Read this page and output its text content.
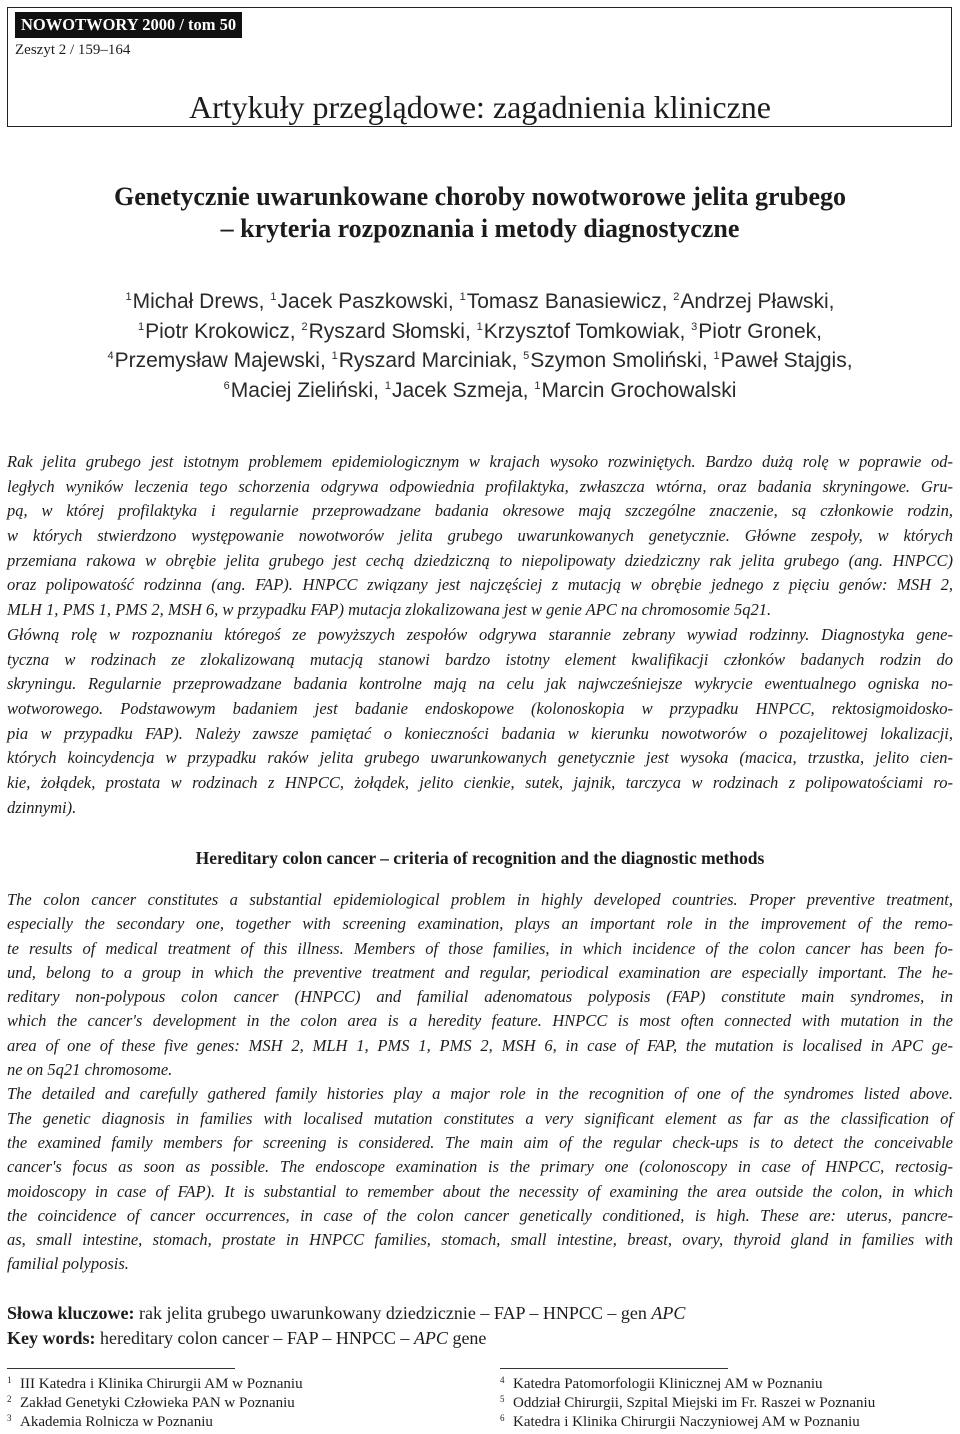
NOWOTWORY 2000 / tom 50
Zeszyt 2 / 159–164
Artykuły przeglądowe: zagadnienia kliniczne
Genetycznie uwarunkowane choroby nowotworowe jelita grubego
– kryteria rozpoznania i metody diagnostyczne
$^1$Michał Drews, $^1$Jacek Paszkowski, $^1$Tomasz Banasiewicz, $^2$Andrzej Pławski,
$^1$Piotr Krokowicz, $^2$Ryszard Słomski, $^1$Krzysztof Tomkowiak, $^3$Piotr Gronek,
$^4$Przemysław Majewski, $^1$Ryszard Marciniak, $^5$Szymon Smoliński, $^1$Paweł Stajgis,
$^6$Maciej Zieliński, $^1$Jacek Szmeja, $^1$Marcin Grochowalski
Rak jelita grubego jest istotnym problemem epidemiologicznym w krajach wysoko rozwiniętych. Bardzo dużą rolę w poprawie od-
ległych wyników leczenia tego schorzenia odgrywa odpowiednia profilaktyka, zwłaszcza wtórna, oraz badania skryningowe. Gru-
pą, w której profilaktyka i regularnie przeprowadzane badania okresowe mają szczególne znaczenie, są członkowie rodzin,
w których stwierdzono występowanie nowotworów jelita grubego uwarunkowanych genetycznie. Główne zespoły, w których
przemiana rakowa w obrębie jelita grubego jest cechą dziedziczną to niepolipowaty dziedziczny rak jelita grubego (ang. HNPCC)
oraz polipowatość rodzinna (ang. FAP). HNPCC związany jest najczęściej z mutacją w obrębie jednego z pięciu genów: MSH 2,
MLH 1, PMS 1, PMS 2, MSH 6, w przypadku FAP) mutacja zlokalizowana jest w genie APC na chromosomie 5q21.
Główną rolę w rozpoznaniu któregoś ze powyższych zespołów odgrywa starannie zebrany wywiad rodzinny. Diagnostyka gene-
tyczna w rodzinach ze zlokalizowaną mutacją stanowi bardzo istotny element kwalifikacji członków badanych rodzin do
skryningu. Regularnie przeprowadzane badania kontrolne mają na celu jak najwcześniejsze wykrycie ewentualnego ogniska no-
wotworowego. Podstawowym badaniem jest badanie endoskopowe (kolonoskopia w przypadku HNPCC, rektosigmoidosko-
pia w przypadku FAP). Należy zawsze pamiętać o konieczności badania w kierunku nowotworów o pozajelitowej lokalizacji,
których koincydencja w przypadku raków jelita grubego uwarunkowanych genetycznie jest wysoka (macica, trzustka, jelito cien-
kie, żołądek, prostata w rodzinach z HNPCC, żołądek, jelito cienkie, sutek, jajnik, tarczyca w rodzinach z polipowatościami ro-
dzinnymi).
Hereditary colon cancer – criteria of recognition and the diagnostic methods
The colon cancer constitutes a substantial epidemiological problem in highly developed countries. Proper preventive treatment,
especially the secondary one, together with screening examination, plays an important role in the improvement of the remo-
te results of medical treatment of this illness. Members of those families, in which incidence of the colon cancer has been fo-
und, belong to a group in which the preventive treatment and regular, periodical examination are especially important. The he-
reditary non-polypous colon cancer (HNPCC) and familial adenomatous polyposis (FAP) constitute main syndromes, in
which the cancer's development in the colon area is a heredity feature. HNPCC is most often connected with mutation in the
area of one of these five genes: MSH 2, MLH 1, PMS 1, PMS 2, MSH 6, in case of FAP, the mutation is localised in APC ge-
ne on 5q21 chromosome.
The detailed and carefully gathered family histories play a major role in the recognition of one of the syndromes listed above.
The genetic diagnosis in families with localised mutation constitutes a very significant element as far as the classification of
the examined family members for screening is considered. The main aim of the regular check-ups is to detect the conceivable
cancer's focus as soon as possible. The endoscope examination is the primary one (colonoscopy in case of HNPCC, rectosig-
moidoscopy in case of FAP). It is substantial to remember about the necessity of examining the area outside the colon, in which
the coincidence of cancer occurrences, in case of the colon cancer genetically conditioned, is high. These are: uterus, pancre-
as, small intestine, stomach, prostate in HNPCC families, stomach, small intestine, breast, ovary, thyroid gland in families with
familial polyposis.
Słowa kluczowe: rak jelita grubego uwarunkowany dziedzicznie – FAP – HNPCC – gen APC
Key words: hereditary colon cancer – FAP – HNPCC – APC gene
1 III Katedra i Klinika Chirurgii AM w Poznaniu
2 Zakład Genetyki Człowieka PAN w Poznaniu
3 Akademia Rolnicza w Poznaniu
4 Katedra Patomorfologii Klinicznej AM w Poznaniu
5 Oddział Chirurgii, Szpital Miejski im Fr. Raszei w Poznaniu
6 Katedra i Klinika Chirurgii Naczyniowej AM w Poznaniu
